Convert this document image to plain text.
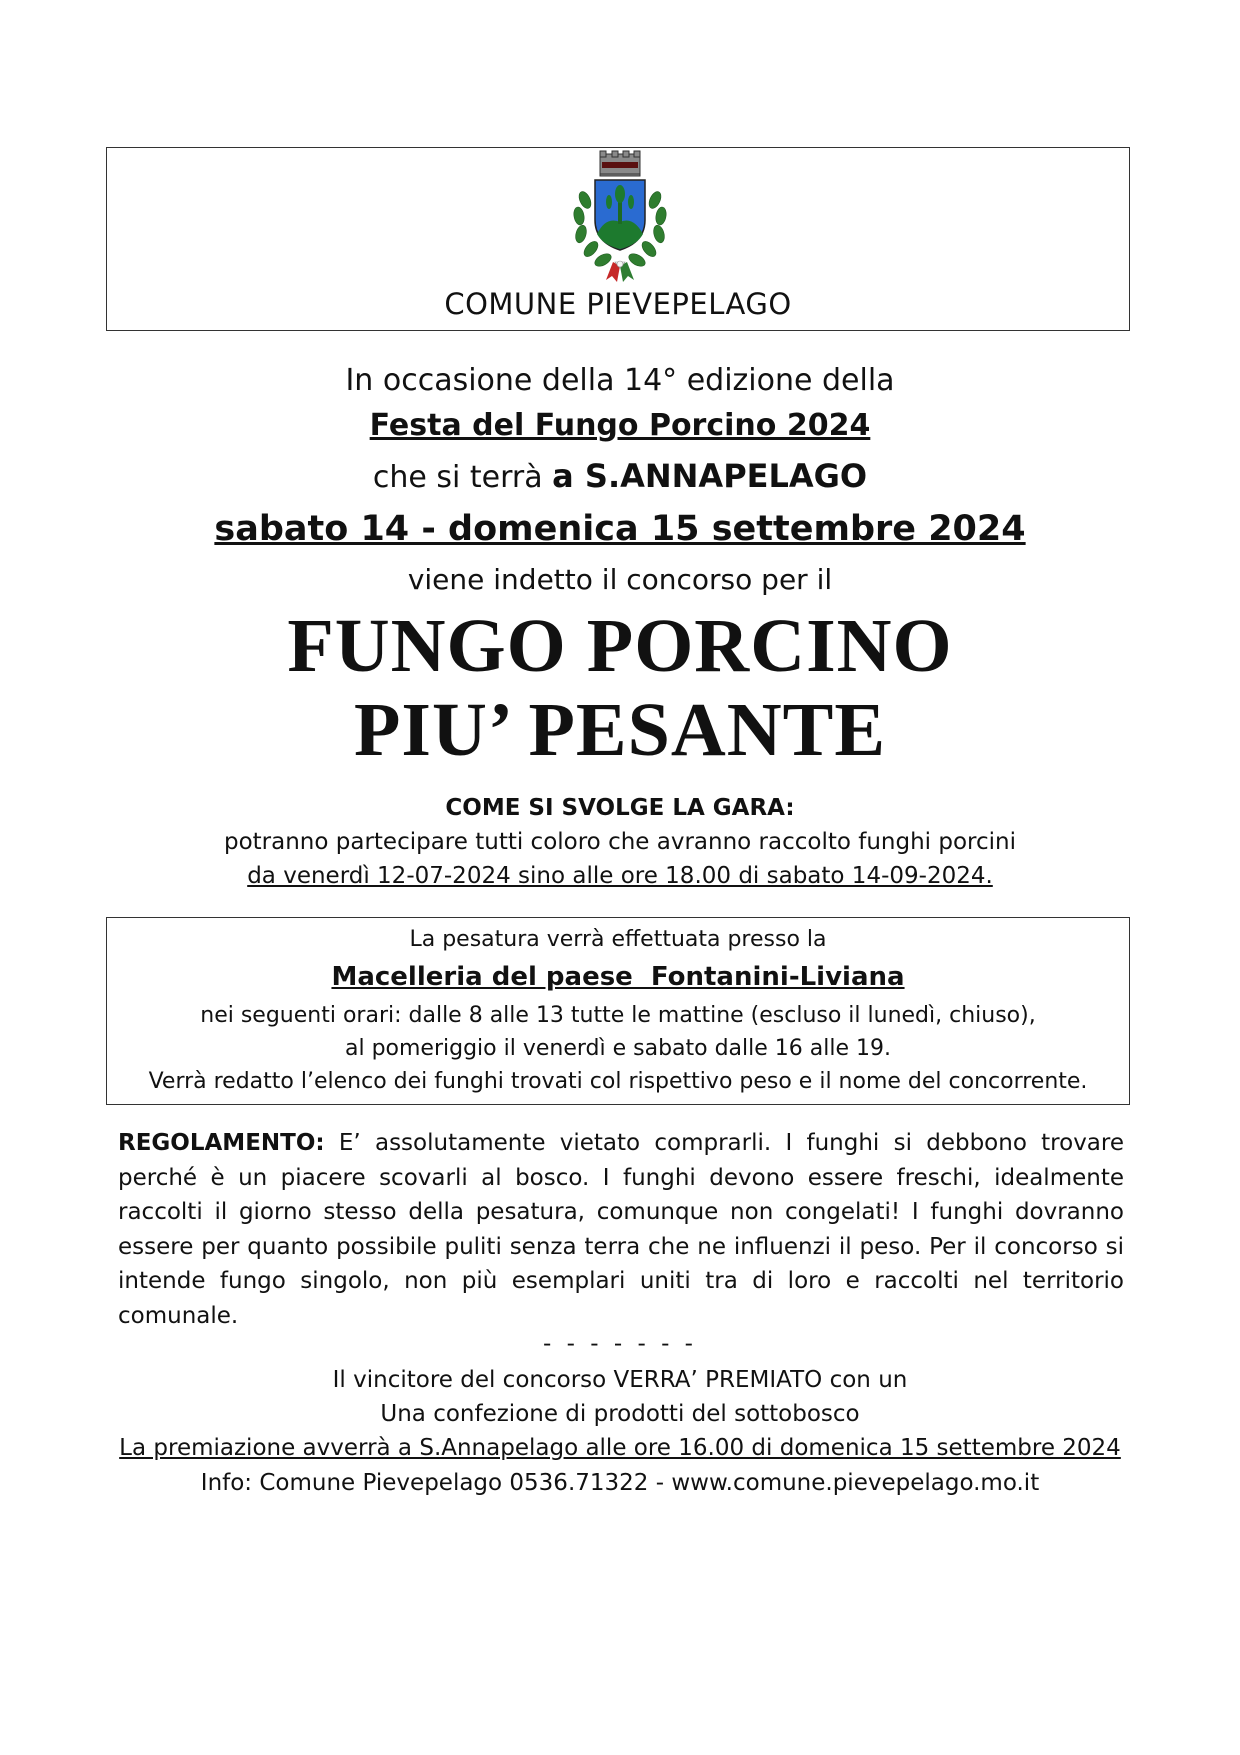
COMUNE PIEVEPELAGO
In occasione della 14° edizione della
Festa del Fungo Porcino 2024
che si terrà a S.ANNAPELAGO
sabato 14 - domenica 15 settembre 2024
viene indetto il concorso per il
FUNGO PORCINO
PIU’ PESANTE
COME SI SVOLGE LA GARA:
potranno partecipare tutti coloro che avranno raccolto funghi porcini
da venerdì 12-07-2024 sino alle ore 18.00 di sabato 14-09-2024.
La pesatura verrà effettuata presso la
Macelleria del paese  Fontanini-Liviana
nei seguenti orari: dalle 8 alle 13 tutte le mattine (escluso il lunedì, chiuso),
al pomeriggio il venerdì e sabato dalle 16 alle 19.
Verrà redatto l’elenco dei funghi trovati col rispettivo peso e il nome del concorrente.

REGOLAMENTO: E’ assolutamente vietato comprarli. I funghi si debbono trovare perché è un piacere scovarli al bosco. I funghi devono essere freschi, idealmente raccolti il giorno stesso della pesatura, comunque non congelati! I funghi dovranno essere per quanto possibile puliti senza terra che ne influenzi il peso. Per il concorso si intende fungo singolo, non più esemplari uniti tra di loro e raccolti nel territorio comunale.

- - - - - - -
Il vincitore del concorso VERRA’ PREMIATO con un
Una confezione di prodotti del sottobosco
La premiazione avverrà a S.Annapelago alle ore 16.00 di domenica 15 settembre 2024
Info: Comune Pievepelago 0536.71322 - www.comune.pievepelago.mo.it
